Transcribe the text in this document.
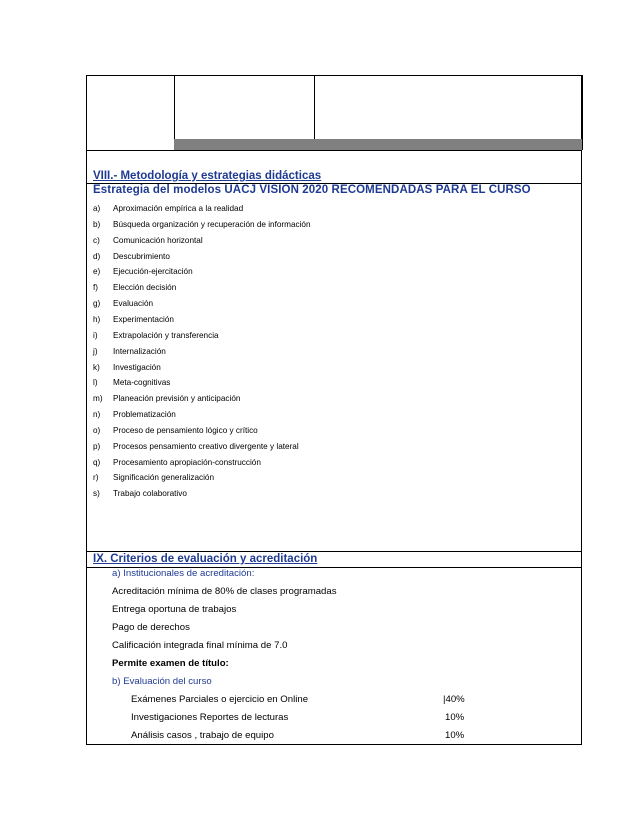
VIII.- Metodología y estrategias didácticas
Estrategia del modelos UACJ VISION 2020 RECOMENDADAS PARA EL CURSO
a) Aproximación empírica a la realidad
b) Búsqueda organización y recuperación de información
c) Comunicación horizontal
d) Descubrimiento
e) Ejecución-ejercitación
f) Elección decisión
g) Evaluación
h) Experimentación
i) Extrapolación y transferencia
j) Internalización
k) Investigación
l) Meta-cognitivas
m) Planeación previsión y anticipación
n) Problematización
o) Proceso de pensamiento lógico y crítico
p) Procesos pensamiento creativo divergente y lateral
q) Procesamiento apropiación-construcción
r) Significación generalización
s) Trabajo colaborativo
IX. Criterios de evaluación y acreditación
a) Institucionales de acreditación:
Acreditación mínima de 80% de clases programadas
Entrega oportuna de trabajos
Pago de derechos
Calificación integrada final mínima de 7.0
Permite examen de título:
b) Evaluación del curso
Exámenes Parciales o ejercicio en Online	|40%
Investigaciones Reportes de lecturas	10%
Análisis casos , trabajo de equipo	10%
